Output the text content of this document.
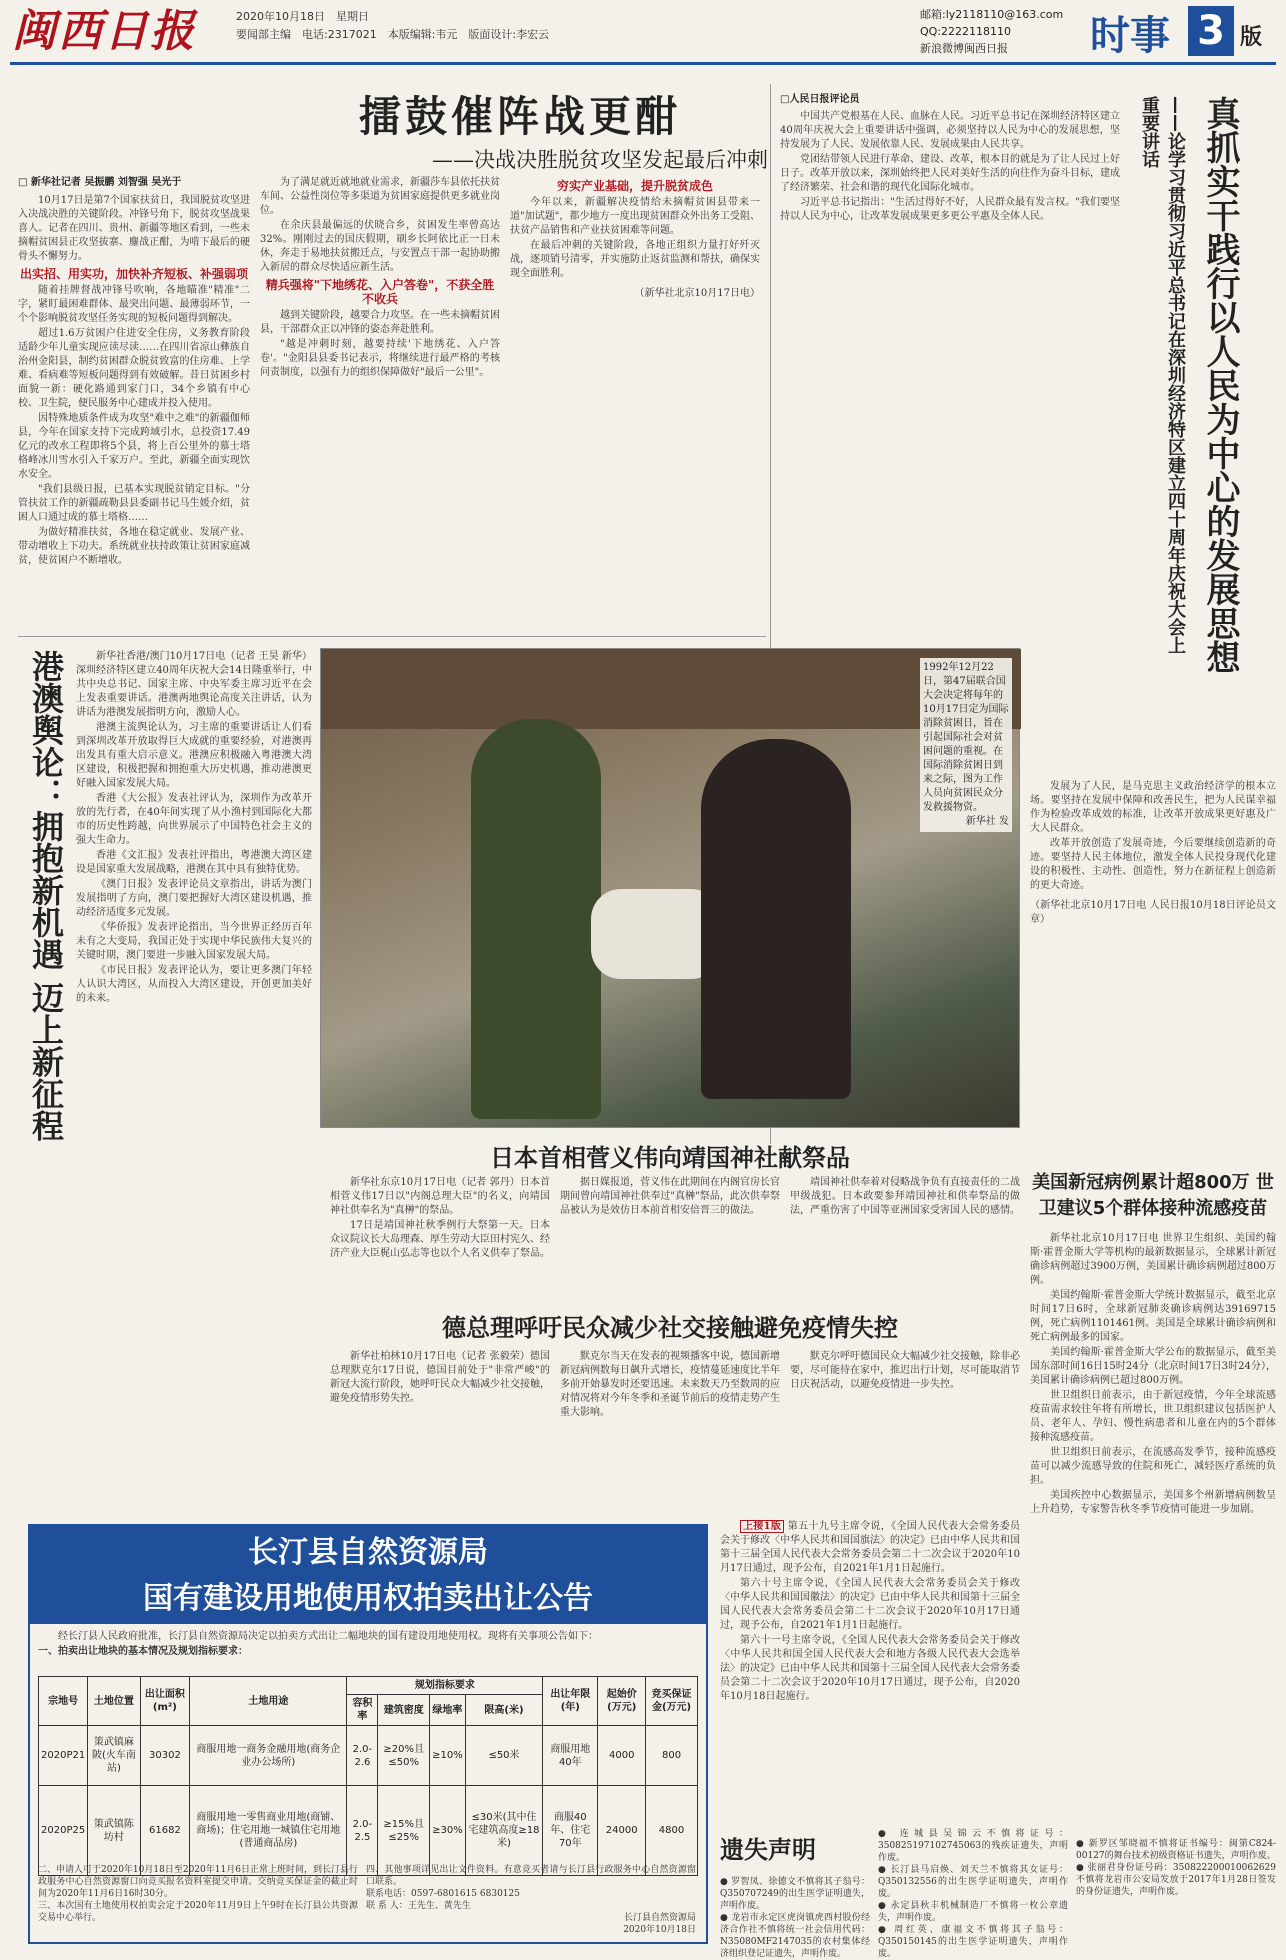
闽西日报	2020年10月18日　星期日
要闻部主编　电话:2317021　本版编辑:韦元　版面设计:李宏云
邮箱:ly2118110@163.com
QQ:2222118110
新浪微博闽西日报	时事 3 版
擂鼓催阵战更酣
——决战决胜脱贫攻坚发起最后冲刺
□ 新华社记者 吴振鹏 刘智强 吴光于

10月17日是第7个国家扶贫日，我国脱贫攻坚进入决战决胜的关键阶段。冲锋号角下，脱贫攻坚战果喜人。记者在四川、贵州、新疆等地区看到，一些未摘帽贫困县正攻坚拔寨、鏖战正酣，为啃下最后的硬骨头不懈努力。

出实招、用实功，加快补齐短板、补强弱项

随着挂牌督战冲锋号吹响，各地瞄准"精准"二字，紧盯最困难群体、最突出问题、最薄弱环节，一个个影响脱贫攻坚任务实现的短板问题得到解决。

超过1.6万贫困户住进安全住房，义务教育阶段适龄少年儿童实现应读尽读……在四川省凉山彝族自治州金阳县，制约贫困群众脱贫致富的住房难、上学难、看病难等短板问题得到有效破解。昔日贫困乡村面貌一新：硬化路通到家门口，34个乡镇有中心校、卫生院，便民服务中心建成并投入使用。

因特殊地质条件成为攻坚"难中之难"的新疆伽师县，今年在国家支持下完成跨域引水，总投资17.49亿元的改水工程即将5个县，将上百公里外的慕士塔格峰冰川雪水引入千家万户。至此，新疆全面实现饮水安全。

"我们县级日报，已基本实现脱贫销定目标。"分管扶贫工作的新疆疏勒县县委副书记马生媛介绍，贫困人口通过成的慕士塔格……

为做好精准扶贫，各地在稳定就业、发展产业、带动增收上下功夫。系统就业扶持政策让贫困家庭减贫，使贫困户不断增收。

为了满足就近就地就业需求，新疆莎车县依托扶贫车间、公益性岗位等多渠道为贫困家庭提供更多就业岗位。

在余庆县最偏远的伏晓合乡，贫困发生率曾高达32%。刚刚过去的国庆假期，刷乡长阿依比正一日未休，奔走于易地扶贫搬迁点，与安置点干部一起协助搬入新居的群众尽快适应新生活。

精兵强将"下地绣花、入户答卷"，不获全胜不收兵

越到关键阶段，越要合力攻坚。在一些未摘帽贫困县，干部群众正以冲锋的姿态奔赴胜利。

"越是冲刺时刻，越要持续'下地绣花、入户答卷'。"金阳县县委书记表示，将继续进行最严格的考核问责制度，以强有力的组织保障做好"最后一公里"。

穷实产业基础，提升脱贫成色

今年以来，新疆解决疫情给未摘帽贫困县带来一道"加试题"，都少地方一度出现贫困群众外出务工受阻、扶贫产品销售和产业扶贫困难等问题。

在最后冲刺的关键阶段，各地正组织力量打好歼灭战，逐项销号清零，并实施防止返贫监测和帮扶，确保实现全面胜利。

（新华社北京10月17日电）
□人民日报评论员	真抓实干践行以人民为中心的发展思想
——论学习贯彻习近平总书记在深圳经济特区建立四十周年庆祝大会上重要讲话

中国共产党根基在人民、血脉在人民。习近平总书记在深圳经济特区建立40周年庆祝大会上重要讲话中强调，必须坚持以人民为中心的发展思想，坚持发展为了人民、发展依靠人民、发展成果由人民共享。

党团结带领人民进行革命、建设、改革，根本目的就是为了让人民过上好日子。改革开放以来，深圳始终把人民对美好生活的向往作为奋斗目标，建成了经济繁荣、社会和谐的现代化国际化城市。

习近平总书记指出："生活过得好不好，人民群众最有发言权。"我们要坚持以人民为中心，让改革发展成果更多更公平惠及全体人民。

发展为了人民，是马克思主义政治经济学的根本立场。要坚持在发展中保障和改善民生，把为人民谋幸福作为检验改革成效的标准，让改革开放成果更好惠及广大人民群众。

改革开放创造了发展奇迹，今后要继续创造新的奇迹。要坚持人民主体地位，激发全体人民投身现代化建设的积极性、主动性、创造性，努力在新征程上创造新的更大奇迹。

（新华社北京10月17日电 人民日报10月18日评论员文章）
港澳舆论：拥抱新机遇 迈上新征程	新华社香港/澳门10月17日电（记者 王昊 新华） 深圳经济特区建立40周年庆祝大会14日隆重举行，中共中央总书记、国家主席、中央军委主席习近平在会上发表重要讲话。港澳两地舆论高度关注讲话，认为讲话为港澳发展指明方向，激励人心。

港澳主流舆论认为，习主席的重要讲话让人们看到深圳改革开放取得巨大成就的重要经验，对港澳再出发具有重大启示意义。港澳应积极融入粤港澳大湾区建设，积极把握和拥抱重大历史机遇，推动港澳更好融入国家发展大局。

香港《大公报》发表社评认为，深圳作为改革开放的先行者，在40年间实现了从小渔村到国际化大都市的历史性跨越，向世界展示了中国特色社会主义的强大生命力。

香港《文汇报》发表社评指出，粤港澳大湾区建设是国家重大发展战略，港澳在其中具有独特优势。

《澳门日报》发表评论员文章指出，讲话为澳门发展指明了方向，澳门要把握好大湾区建设机遇，推动经济适度多元发展。

《华侨报》发表评论指出，当今世界正经历百年未有之大变局，我国正处于实现中华民族伟大复兴的关键时期，澳门要进一步融入国家发展大局。

《市民日报》发表评论认为，要让更多澳门年轻人认识大湾区，从而投入大湾区建设，开创更加美好的未来。

1992年12月22日，第47届联合国大会决定将每年的10月17日定为国际消除贫困日，旨在引起国际社会对贫困问题的重视。在国际消除贫困日到来之际，图为工作人员向贫困民众分发救援物资。
新华社 发
日本首相菅义伟向靖国神社献祭品

新华社东京10月17日电（记者 郭丹）日本首相菅义伟17日以"内阁总理大臣"的名义，向靖国神社供奉名为"真榊"的祭品。

17日是靖国神社秋季例行大祭第一天。日本众议院议长大岛理森、厚生劳动大臣田村宪久、经济产业大臣梶山弘志等也以个人名义供奉了祭品。

据日媒报道，菅义伟在此期间在内阁官房长官期间曾向靖国神社供奉过"真榊"祭品，此次供奉祭品被认为是效仿日本前首相安倍晋三的做法。

靖国神社供奉着对侵略战争负有直接责任的二战甲级战犯。日本政要参拜靖国神社和供奉祭品的做法，严重伤害了中国等亚洲国家受害国人民的感情。

德总理呼吁民众减少社交接触避免疫情失控

新华社柏林10月17日电（记者 张毅荣）德国总理默克尔17日说，德国目前处于"非常严峻"的新冠大流行阶段，她呼吁民众大幅减少社交接触，避免疫情形势失控。

默克尔当天在发表的视频播客中说，德国新增新冠病例数每日飙升式增长，疫情蔓延速度比半年多前开始暴发时还要迅速。未来数天乃至数周的应对情况将对今年冬季和圣诞节前后的疫情走势产生重大影响。

默克尔呼吁德国民众大幅减少社交接触，除非必要，尽可能待在家中，推迟出行计划，尽可能取消节日庆祝活动，以避免疫情进一步失控。

美国新冠病例累计超800万 世卫建议5个群体接种流感疫苗

新华社北京10月17日电 世界卫生组织、美国约翰斯·霍普金斯大学等机构的最新数据显示，全球累计新冠确诊病例超过3900万例，美国累计确诊病例超过800万例。

美国约翰斯·霍普金斯大学统计数据显示，截至北京时间17日6时，全球新冠肺炎确诊病例达39169715例，死亡病例1101461例。美国是全球累计确诊病例和死亡病例最多的国家。

美国约翰斯·霍普金斯大学公布的数据显示，截至美国东部时间16日15时24分（北京时间17日3时24分），美国累计确诊病例已超过800万例。

世卫组织日前表示，由于新冠疫情，今年全球流感疫苗需求较往年将有所增长，世卫组织建议包括医护人员、老年人、孕妇、慢性病患者和儿童在内的5个群体接种流感疫苗。

世卫组织日前表示，在流感高发季节，接种流感疫苗可以减少流感导致的住院和死亡，减轻医疗系统的负担。

美国疾控中心数据显示，美国多个州新增病例数呈上升趋势，专家警告秋冬季节疫情可能进一步加剧。

上接1版 第五十九号主席令说，《全国人民代表大会常务委员会关于修改〈中华人民共和国国旗法〉的决定》已由中华人民共和国第十三届全国人民代表大会常务委员会第二十二次会议于2020年10月17日通过，现予公布，自2021年1月1日起施行。

第六十号主席令说，《全国人民代表大会常务委员会关于修改〈中华人民共和国国徽法〉的决定》已由中华人民共和国第十三届全国人民代表大会常务委员会第二十二次会议于2020年10月17日通过，现予公布，自2021年1月1日起施行。

第六十一号主席令说，《全国人民代表大会常务委员会关于修改〈中华人民共和国全国人民代表大会和地方各级人民代表大会选举法〉的决定》已由中华人民共和国第十三届全国人民代表大会常务委员会第二十二次会议于2020年10月17日通过，现予公布，自2020年10月18日起施行。

长汀县自然资源局
国有建设用地使用权拍卖出让公告

经长汀县人民政府批准，长汀县自然资源局决定以拍卖方式出让二幅地块的国有建设用地使用权。现将有关事项公告如下：

一、拍卖出让地块的基本情况及规划指标要求：
宗地号	土地位置	出让面积(m²)	土地用途	规划指标要求				出让年限(年)	起始价(万元)	竞买保证金(万元)
				容积率	建筑密度	绿地率	限高(米)			
2020P21	策武镇麻陂(火车南站)	30302	商服用地一商务金融用地(商务企业办公场所)	2.0-2.6	≥20%且≤50%	≥10%	≤50米	商服用地40年	4000	800
2020P25	策武镇陈坊村	61682	商服用地一零售商业用地(商铺、商场)；住宅用地一城镇住宅用地(普通商品房)	2.0-2.5	≥15%且≤25%	≥30%	≤30米(其中住宅建筑高度≥18米)	商服40年、住宅70年	24000	4800
二、申请人可于2020年10月18日至2020年11月6日正常上班时间，到长汀县行政服务中心自然资源窗口向竞买报名资料室提交申请。交纳竞买保证金的截止时间为2020年11月6日16时30分。
三、本次国有土地使用权拍卖会定于2020年11月9日上午9时在长汀县公共资源交易中心举行。
四、其他事项详见出让文件资料。有意竞买者请与长汀县行政服务中心自然资源窗口联系。
联系电话：0597-6801615 6830125
联 系 人：王先生、黄先生
长汀县自然资源局
2020年10月18日
遗失声明
● 罗智凤、徐德文不慎将其子翁号：Q350707249的出生医学证明遗失，声明作废。
● 龙岩市永定区虎岗镇虎西村股份经济合作社不慎将统一社会信用代码：N35080MF2147035的农村集体经济组织登记证遗失，声明作废。
● 连城县吴锦云不慎将证号：350825197102745063的残疾证遗失，声明作废。
● 长汀县马启焕、刘天兰不慎将其女证号：Q350132556的出生医学证明遗失，声明作废。
● 永定县秋丰机械制造厂不慎将一枚公章遗失，声明作废。
● 周红英、康福文不慎将其子翁号：Q350150145的出生医学证明遗失，声明作废。
● 新罗区邹晓福不慎将证书编号：闽第C824-00127的舞台技术初级资格证书遗失，声明作废。
● 张丽君身份证号码：350822200010062629不慎将龙岩市公安局发放于2017年1月28日签发的身份证遗失，声明作废。
